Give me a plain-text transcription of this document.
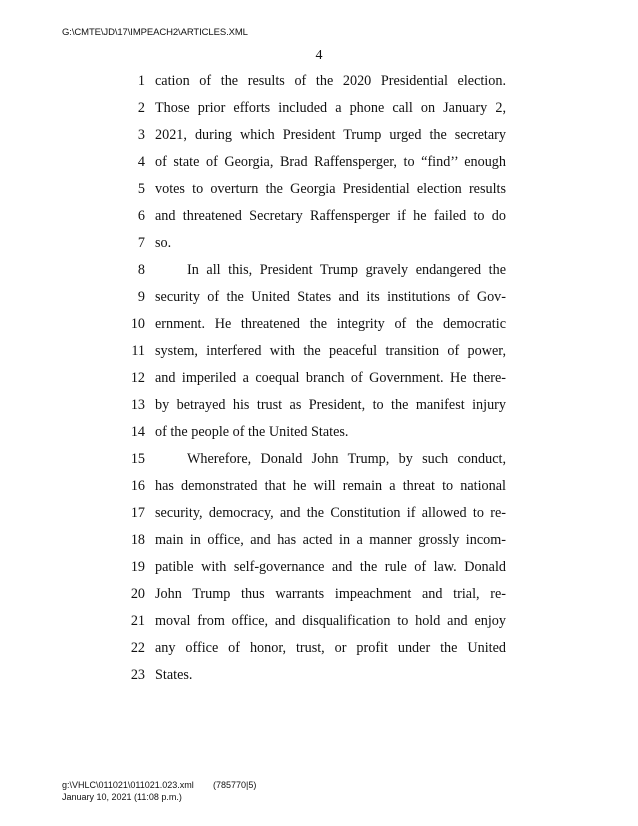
G:\CMTE\JD\17\IMPEACH2\ARTICLES.XML
4
1 cation of the results of the 2020 Presidential election.
2 Those prior efforts included a phone call on January 2,
3 2021, during which President Trump urged the secretary
4 of state of Georgia, Brad Raffensperger, to “find’’ enough
5 votes to overturn the Georgia Presidential election results
6 and threatened Secretary Raffensperger if he failed to do
7 so.
8	In all this, President Trump gravely endangered the
9 security of the United States and its institutions of Gov-
10 ernment. He threatened the integrity of the democratic
11 system, interfered with the peaceful transition of power,
12 and imperiled a coequal branch of Government. He there-
13 by betrayed his trust as President, to the manifest injury
14 of the people of the United States.
15	Wherefore, Donald John Trump, by such conduct,
16 has demonstrated that he will remain a threat to national
17 security, democracy, and the Constitution if allowed to re-
18 main in office, and has acted in a manner grossly incom-
19 patible with self-governance and the rule of law. Donald
20 John Trump thus warrants impeachment and trial, re-
21 moval from office, and disqualification to hold and enjoy
22 any office of honor, trust, or profit under the United
23 States.
g:\VHLC\011021\011021.023.xml (785770|5)
January 10, 2021 (11:08 p.m.)
